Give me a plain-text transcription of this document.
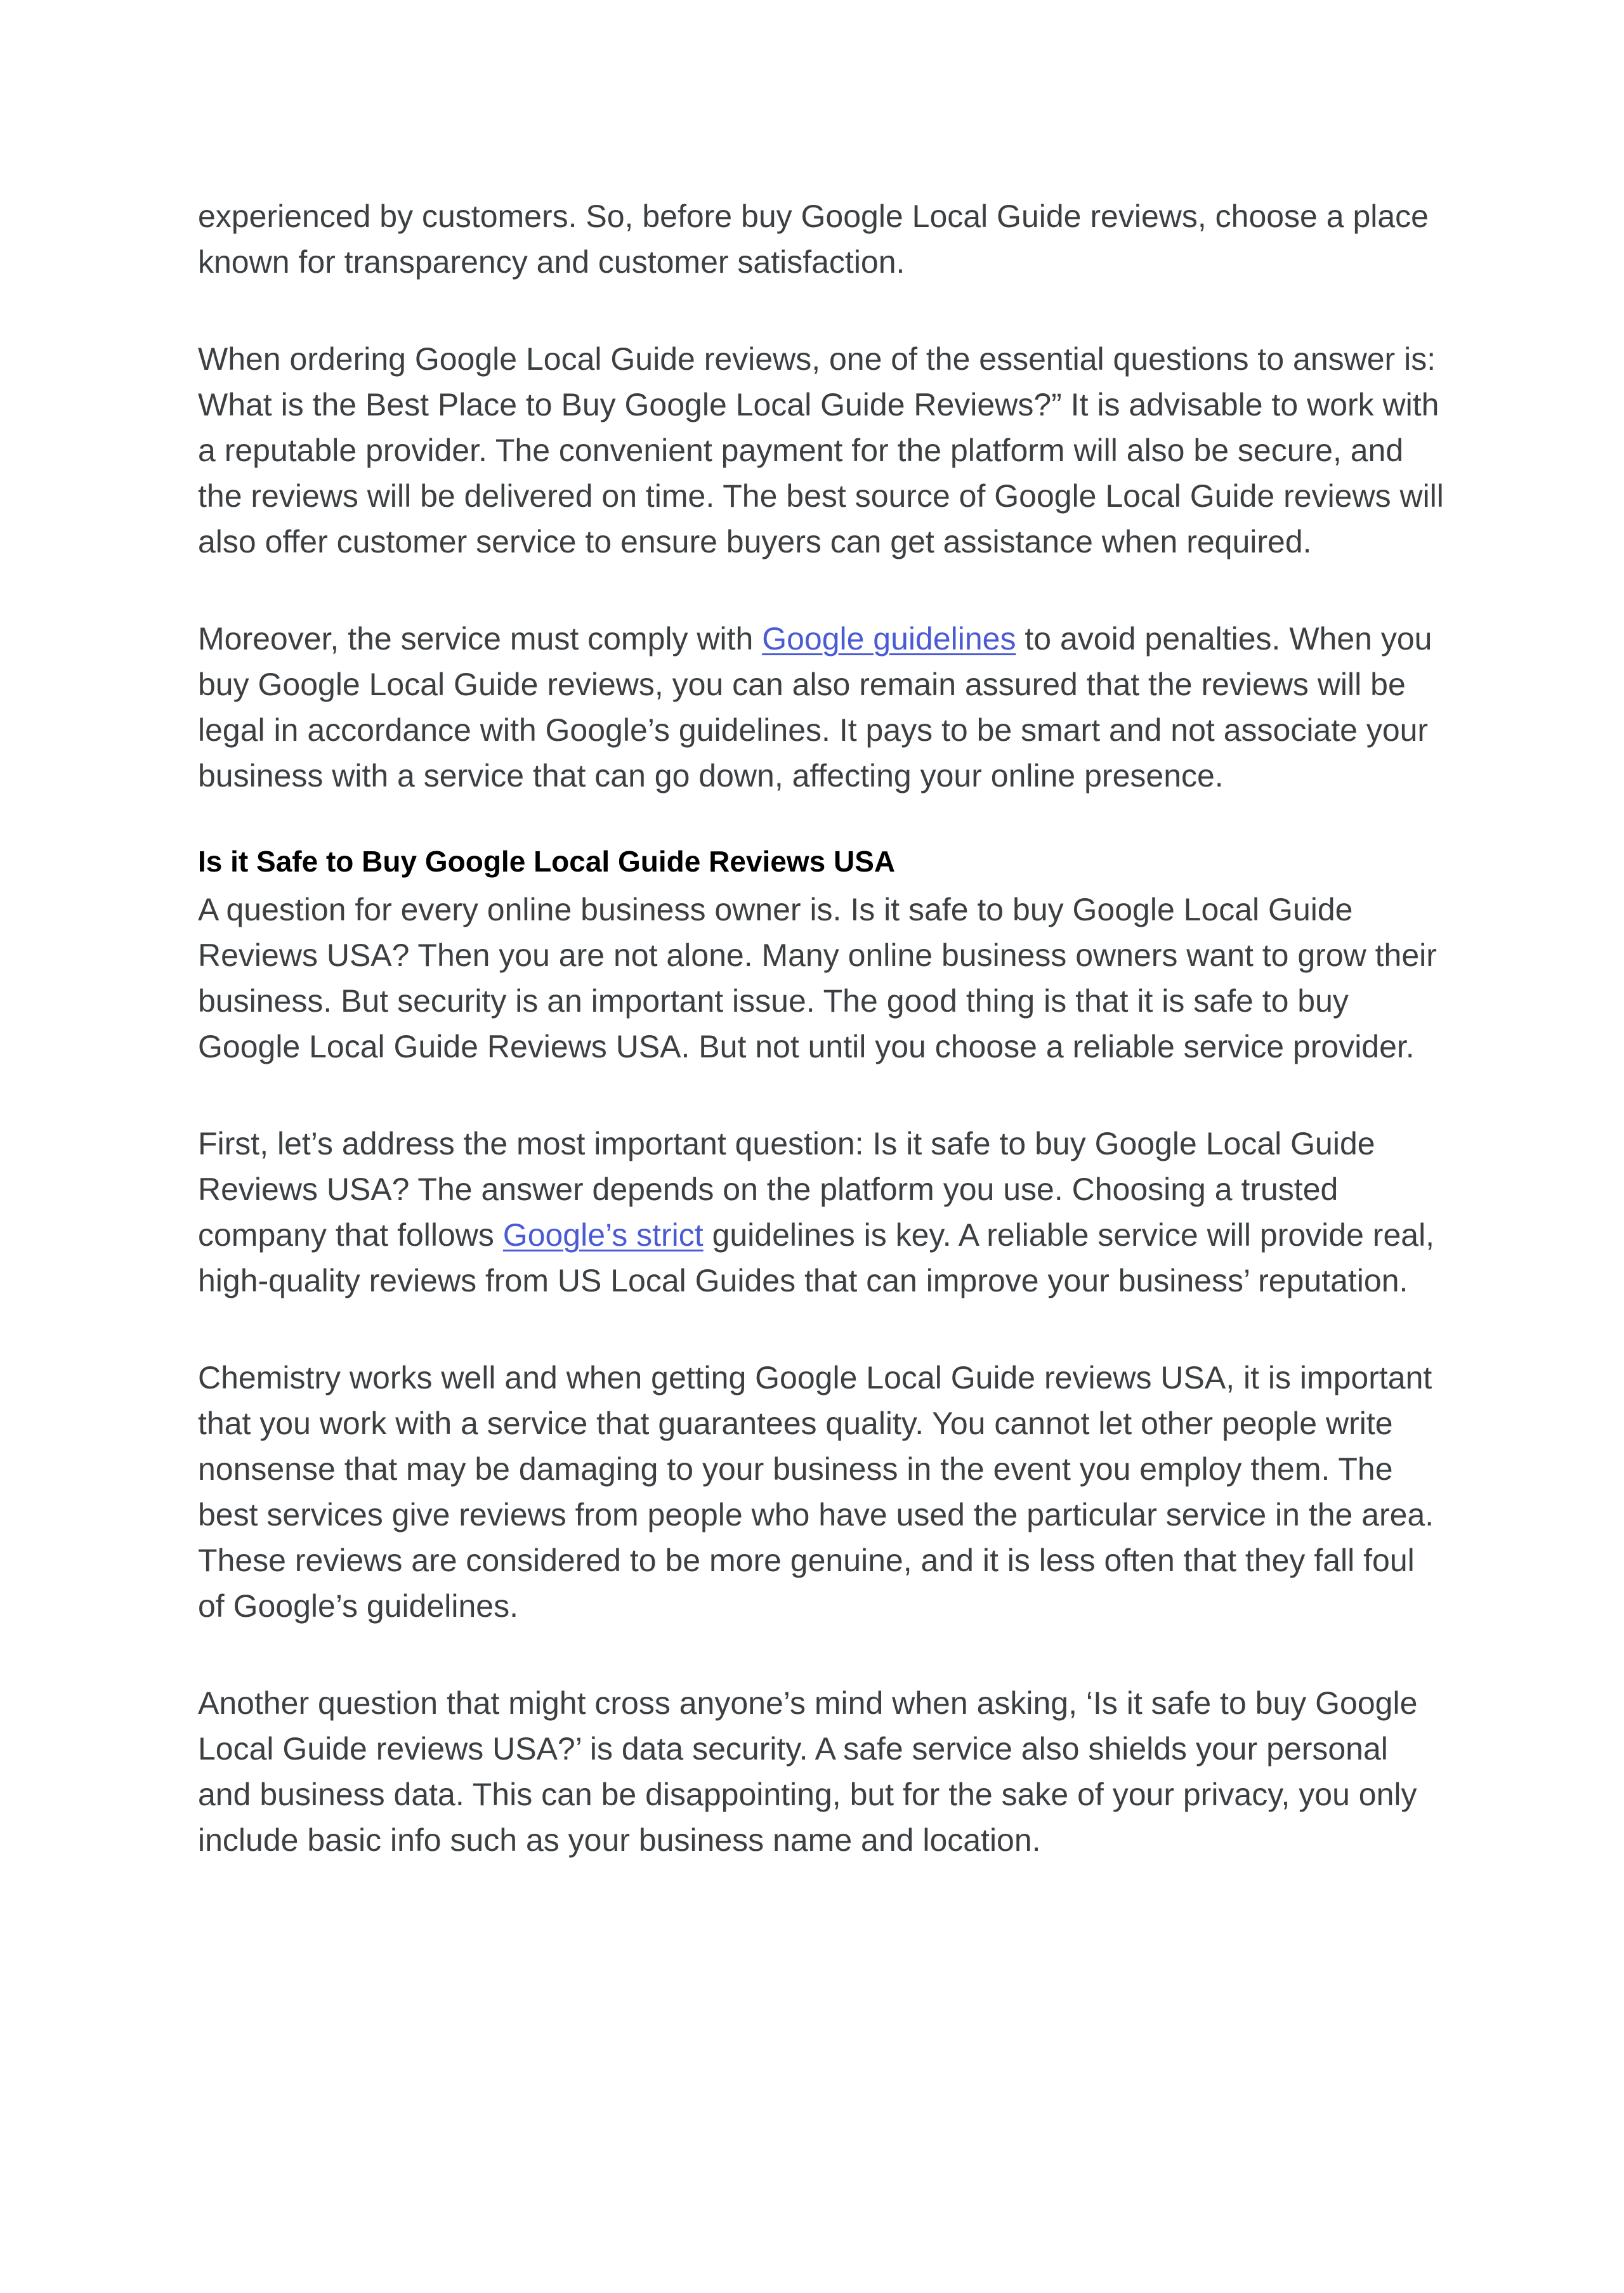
experienced by customers. So, before buy Google Local Guide reviews, choose a place known for transparency and customer satisfaction.

When ordering Google Local Guide reviews, one of the essential questions to answer is: What is the Best Place to Buy Google Local Guide Reviews?” It is advisable to work with a reputable provider. The convenient payment for the platform will also be secure, and the reviews will be delivered on time. The best source of Google Local Guide reviews will also offer customer service to ensure buyers can get assistance when required.

Moreover, the service must comply with Google guidelines to avoid penalties. When you buy Google Local Guide reviews, you can also remain assured that the reviews will be legal in accordance with Google’s guidelines. It pays to be smart and not associate your business with a service that can go down, affecting your online presence.

Is it Safe to Buy Google Local Guide Reviews USA

A question for every online business owner is. Is it safe to buy Google Local Guide Reviews USA? Then you are not alone. Many online business owners want to grow their business. But security is an important issue. The good thing is that it is safe to buy Google Local Guide Reviews USA. But not until you choose a reliable service provider.

First, let’s address the most important question: Is it safe to buy Google Local Guide Reviews USA? The answer depends on the platform you use. Choosing a trusted company that follows Google’s strict guidelines is key. A reliable service will provide real, high-quality reviews from US Local Guides that can improve your business’ reputation.

Chemistry works well and when getting Google Local Guide reviews USA, it is important that you work with a service that guarantees quality. You cannot let other people write nonsense that may be damaging to your business in the event you employ them. The best services give reviews from people who have used the particular service in the area. These reviews are considered to be more genuine, and it is less often that they fall foul of Google’s guidelines.

Another question that might cross anyone’s mind when asking, ‘Is it safe to buy Google Local Guide reviews USA?’ is data security. A safe service also shields your personal and business data. This can be disappointing, but for the sake of your privacy, you only include basic info such as your business name and location.
